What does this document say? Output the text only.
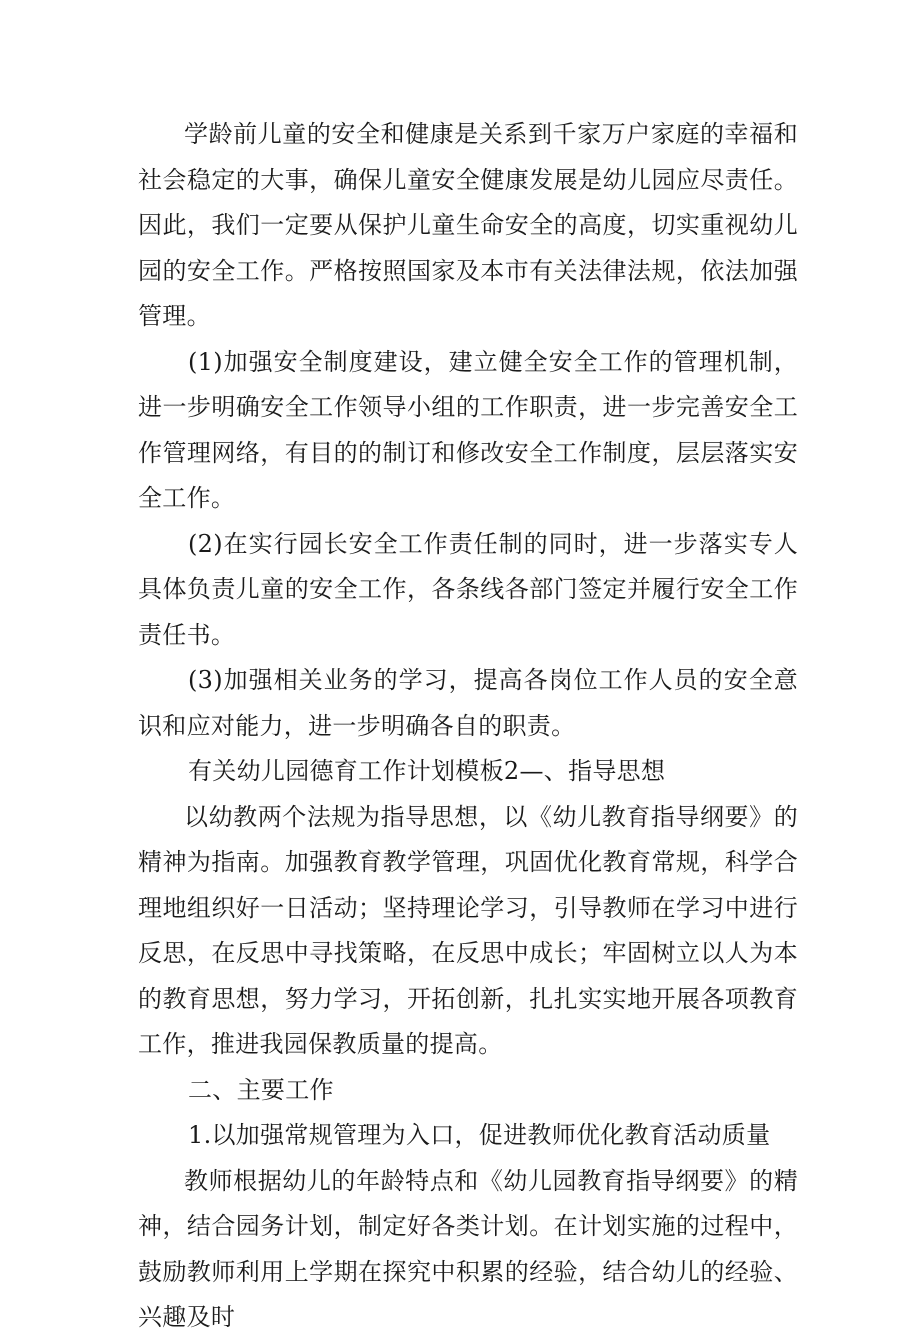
学龄前儿童的安全和健康是关系到千家万户家庭的幸福和社会稳定的大事，确保儿童安全健康发展是幼儿园应尽责任。因此，我们一定要从保护儿童生命安全的高度，切实重视幼儿园的安全工作。严格按照国家及本市有关法律法规，依法加强管理。

(1)加强安全制度建设，建立健全安全工作的管理机制，进一步明确安全工作领导小组的工作职责，进一步完善安全工作管理网络，有目的的制订和修改安全工作制度，层层落实安全工作。

(2)在实行园长安全工作责任制的同时，进一步落实专人具体负责儿童的安全工作，各条线各部门签定并履行安全工作责任书。

(3)加强相关业务的学习，提高各岗位工作人员的安全意识和应对能力，进一步明确各自的职责。

有关幼儿园德育工作计划模板2—、指导思想

以幼教两个法规为指导思想，以《幼儿教育指导纲要》的精神为指南。加强教育教学管理，巩固优化教育常规，科学合理地组织好一日活动；坚持理论学习，引导教师在学习中进行反思，在反思中寻找策略，在反思中成长；牢固树立以人为本的教育思想，努力学习，开拓创新，扎扎实实地开展各项教育工作，推进我园保教质量的提高。

二、主要工作

1.以加强常规管理为入口，促进教师优化教育活动质量

教师根据幼儿的年龄特点和《幼儿园教育指导纲要》的精神，结合园务计划，制定好各类计划。在计划实施的过程中，鼓励教师利用上学期在探究中积累的经验，结合幼儿的经验、兴趣及时
